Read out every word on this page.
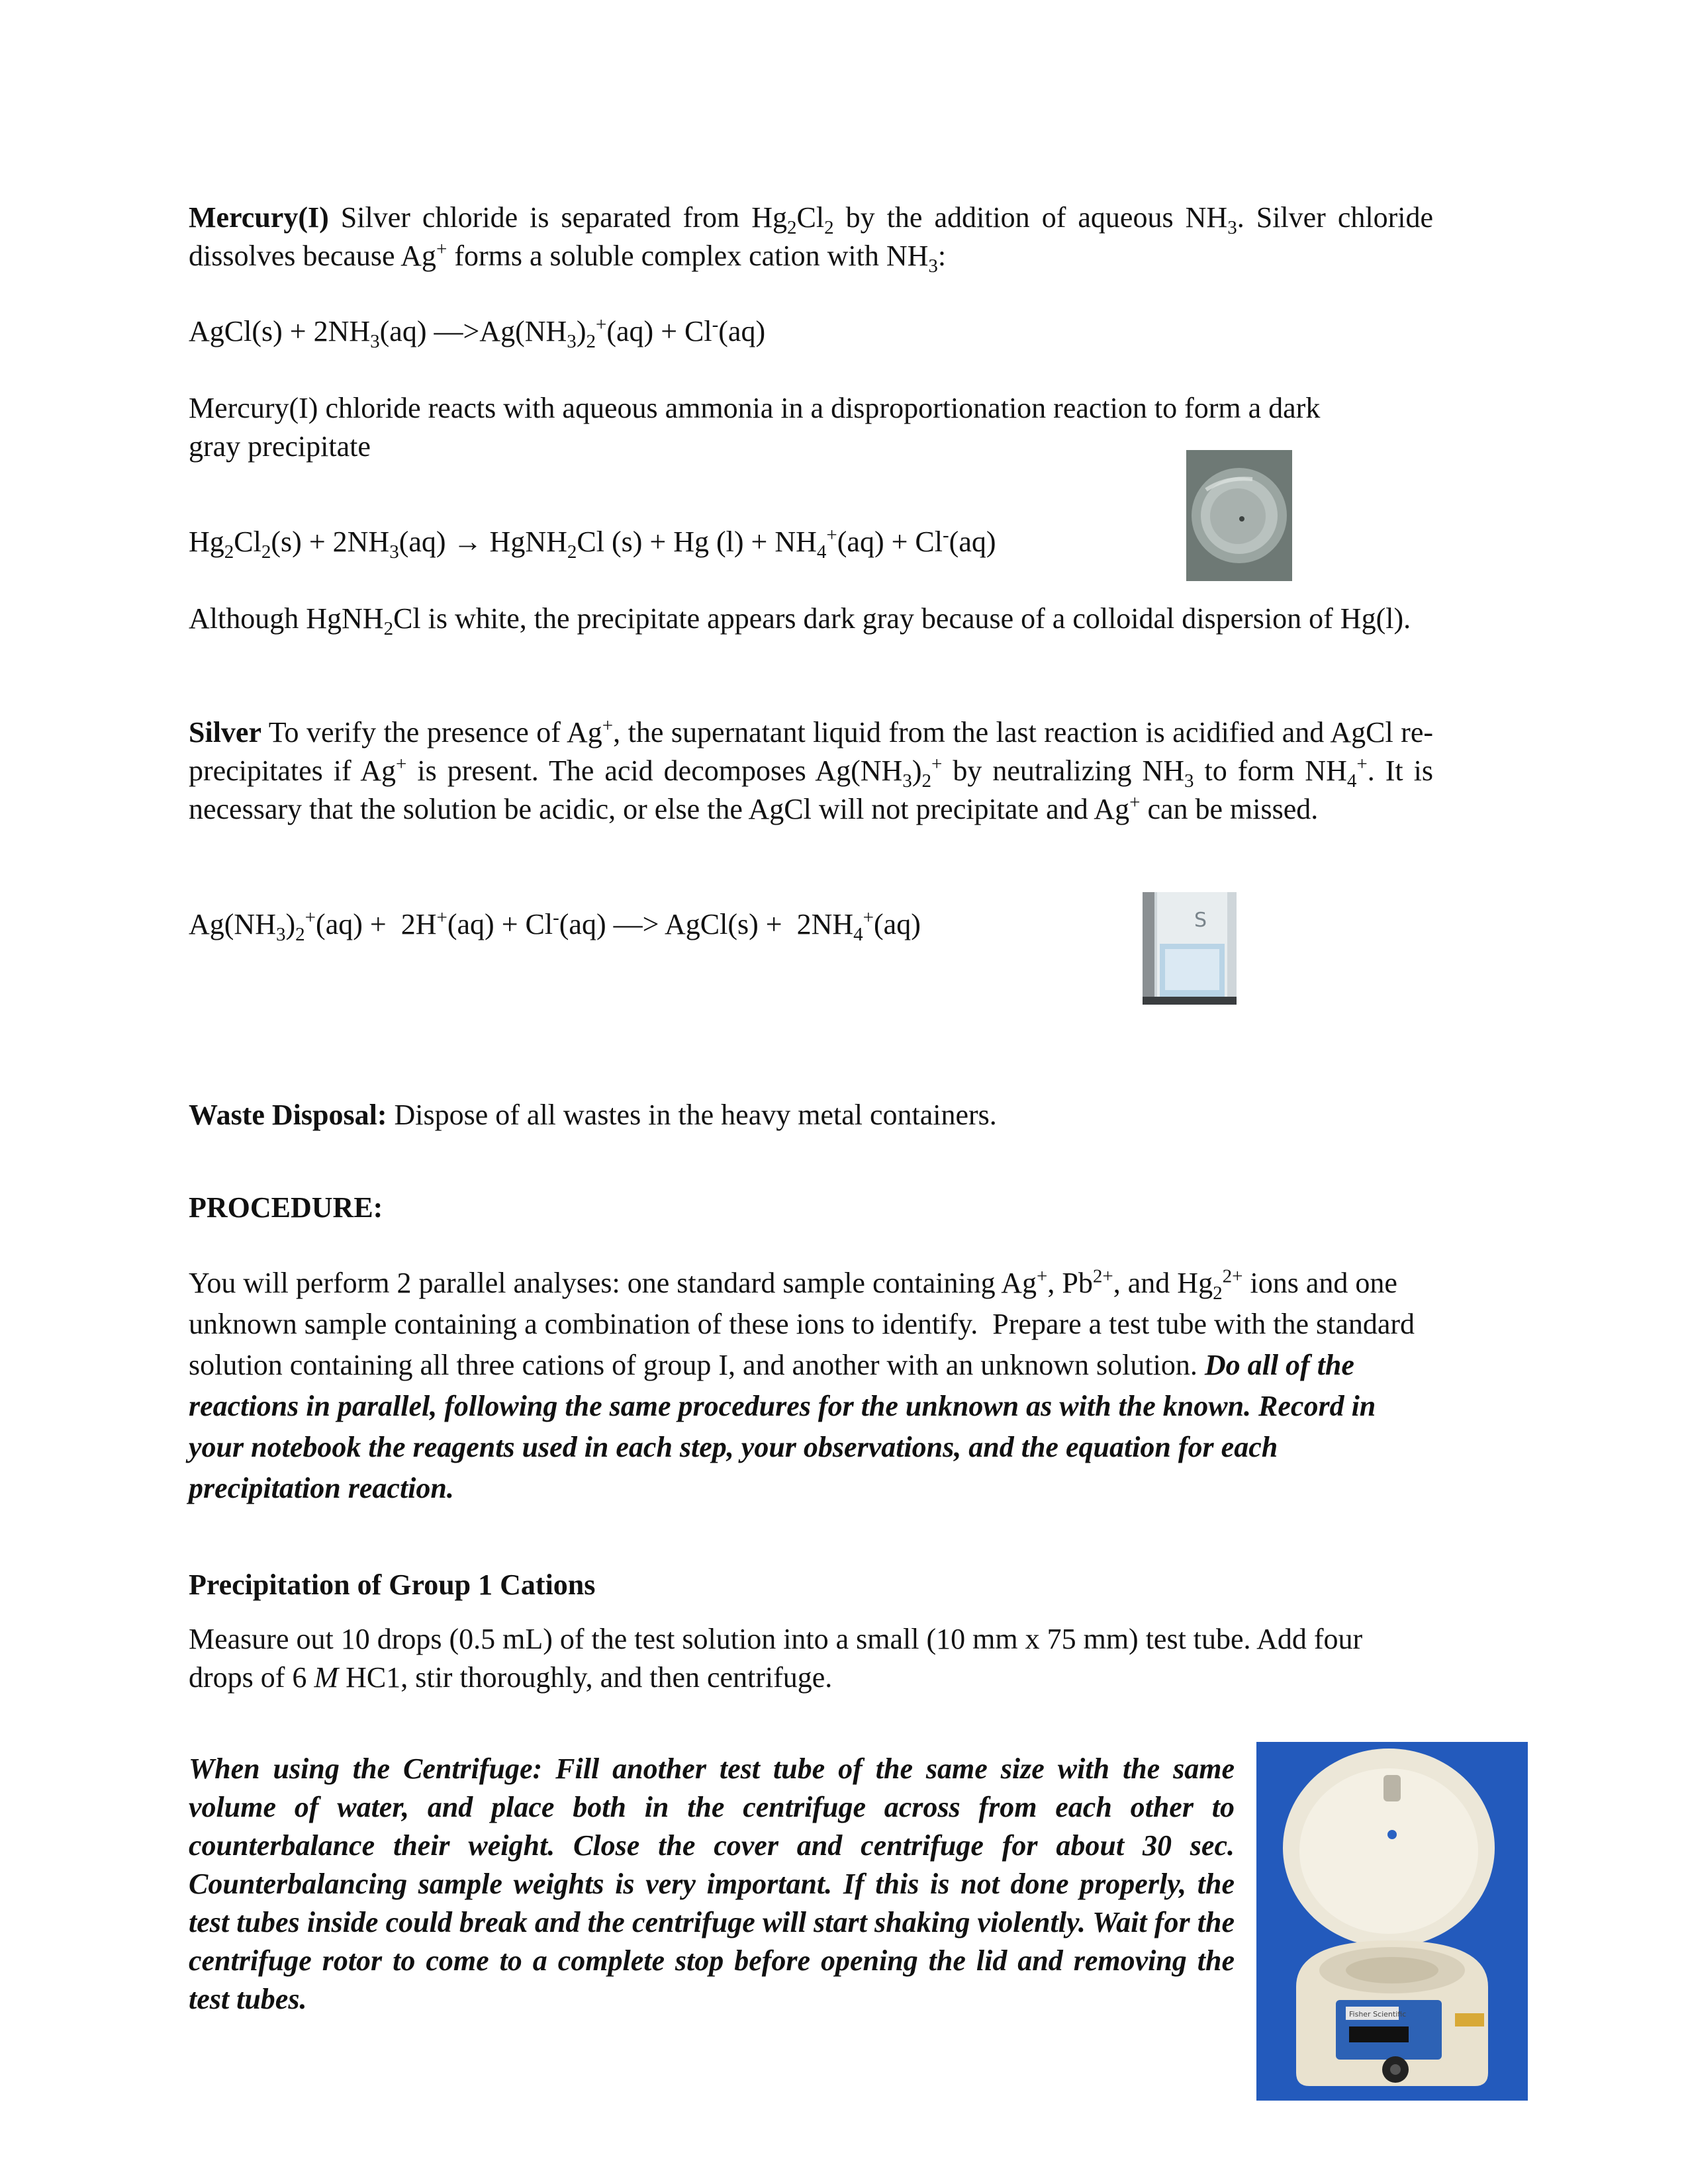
Mercury(I) Silver chloride is separated from $Hg_2Cl_2$ by the addition of aqueous $NH_3$. Silver chloride dissolves because Ag+ forms a soluble complex cation with $NH_3$:
AgCl(s) + $2NH_3(aq)$ $—>Ag(NH_3)_2^+(aq) + Cl^-(aq)$
Mercury(I) chloride reacts with aqueous ammonia in a disproportionation reaction to form a dark gray precipitate
$Hg_2Cl_2(s) + 2NH_3(aq)$ → HgNH$_2$Cl (s) + Hg $(l) + NH_4^+(aq) + Cl^-(aq)$
Although HgNH$_2$Cl is white, the precipitate appears dark gray because of a colloidal dispersion of Hg(l).
Silver To verify the presence of Ag+, the supernatant liquid from the last reaction is acidified and AgCl re-precipitates if Ag+ is present. The acid decomposes $Ag(NH_3)_2^+$ by neutralizing $NH_3$ to form $NH_4^+$. It is necessary that the solution be acidic, or else the AgCl will not precipitate and Ag+ can be missed.
$Ag(NH_3)_2^+(aq) + 2H^+(aq) + Cl^-(aq)$ —> AgCl(s) +  $2NH_4^+(aq)$	S
Waste Disposal: Dispose of all wastes in the heavy metal containers.
PROCEDURE:
You will perform 2 parallel analyses: one standard sample containing Ag+, $Pb^{2+}$, and $Hg_2^{2+}$ ions and one unknown sample containing a combination of these ions to identify.  Prepare a test tube with the standard solution containing all three cations of group I, and another with an unknown solution. Do all of the reactions in parallel, following the same procedures for the unknown as with the known. Record in your notebook the reagents used in each step, your observations, and the equation for each precipitation reaction.
Precipitation of Group 1 Cations
Measure out 10 drops (0.5 mL) of the test solution into a small (10 mm x 75 mm) test tube. Add four drops of 6 M HC1, stir thoroughly, and then centrifuge.
When using the Centrifuge: Fill another test tube of the same size with the same volume of water, and place both in the centrifuge across from each other to counterbalance their weight. Close the cover and centrifuge for about 30 sec. Counterbalancing sample weights is very important. If this is not done properly, the test tubes inside could break and the centrifuge will start shaking violently. Wait for the centrifuge rotor to come to a complete stop before opening the lid and removing the test tubes.	Fisher Scientific
